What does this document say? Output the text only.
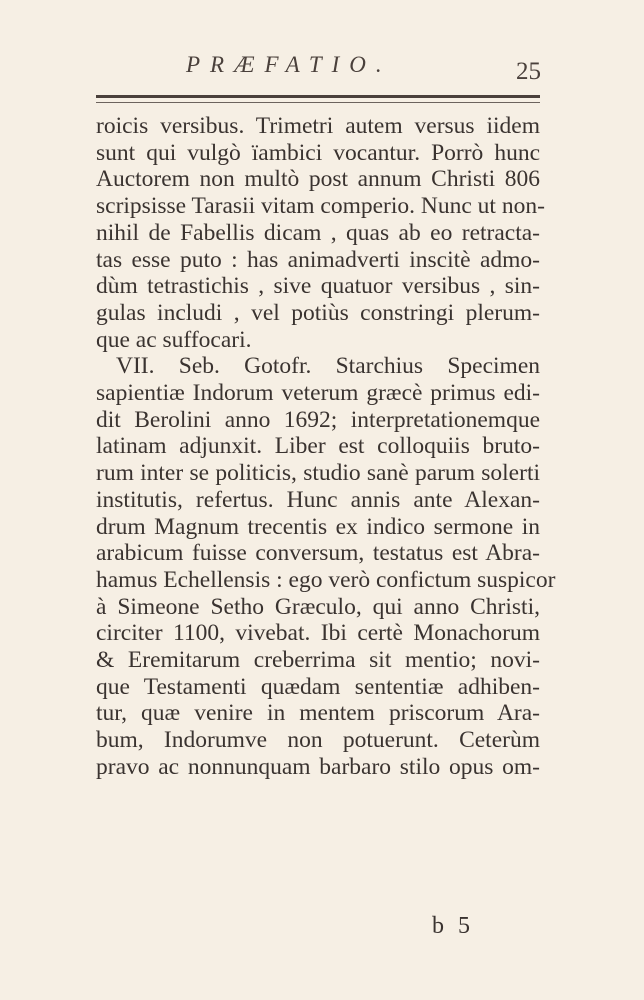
PRÆFATIO.	25
roicis versibus. Trimetri autem versus iidem
sunt qui vulgò ïambici vocantur. Porrò hunc
Auctorem non multò post annum Christi 806
scripsisse Tarasii vitam comperio. Nunc ut non-
nihil de Fabellis dicam , quas ab eo retracta-
tas esse puto : has animadverti inscitè admo-
dùm tetrastichis , sive quatuor versibus , sin-
gulas includi , vel potiùs constringi plerum-
que ac suffocari.
VII. Seb. Gotofr. Starchius Specimen
sapientiæ Indorum veterum græcè primus edi-
dit Berolini anno 1692; interpretationemque
latinam adjunxit. Liber est colloquiis bruto-
rum inter se politicis, studio sanè parum solerti
institutis, refertus. Hunc annis ante Alexan-
drum Magnum trecentis ex indico sermone in
arabicum fuisse conversum, testatus est Abra-
hamus Echellensis : ego verò confictum suspicor
à Simeone Setho Græculo, qui anno Christi,
circiter 1100, vivebat. Ibi certè Monachorum
& Eremitarum creberrima sit mentio; novi-
que Testamenti quædam sententiæ adhiben-
tur, quæ venire in mentem priscorum Ara-
bum, Indorumve non potuerunt. Ceterùm
pravo ac nonnunquam barbaro stilo opus om-
b 5
